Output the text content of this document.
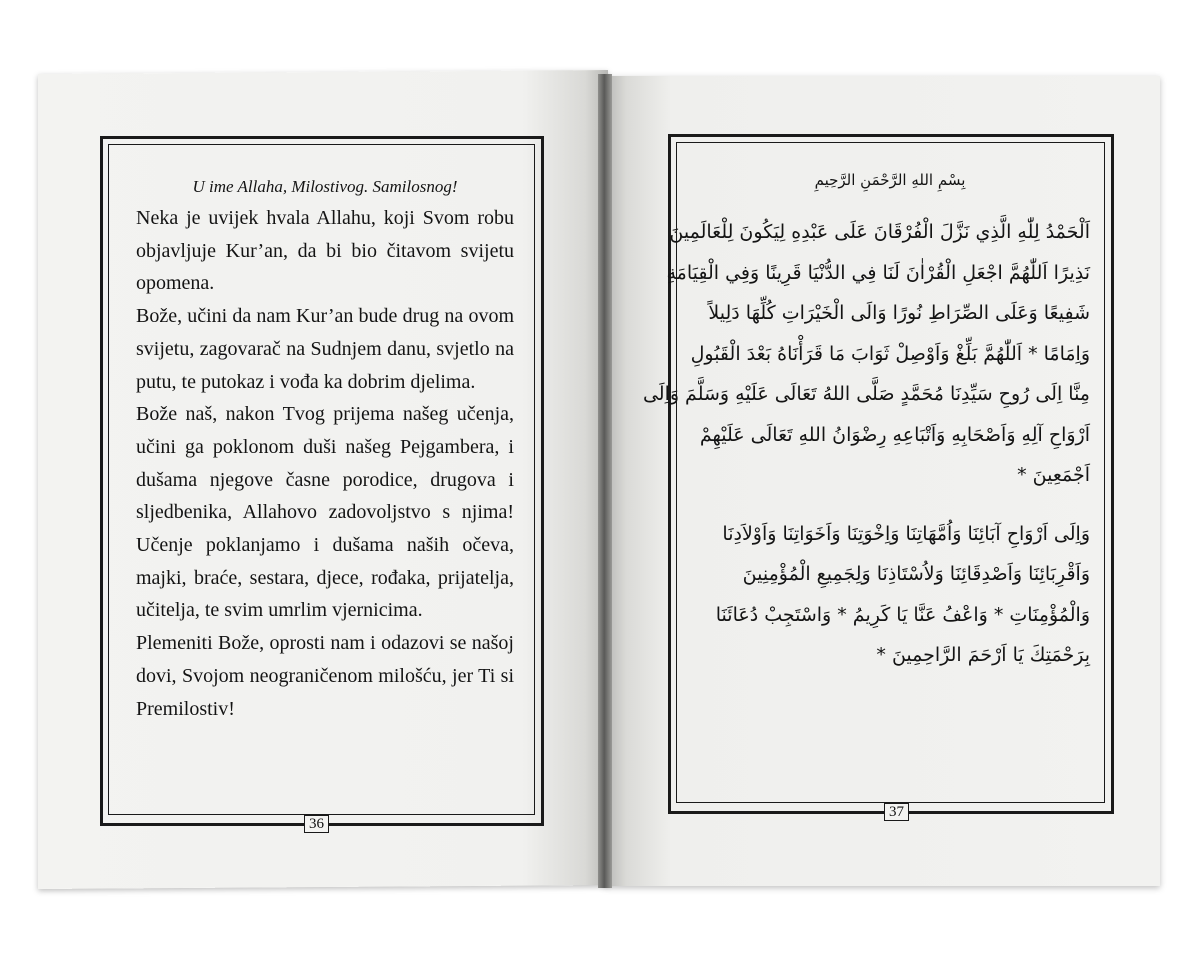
U ime Allaha, Milostivog. Samilosnog!

Neka je uvijek hvala Allahu, koji Svom robu objavljuje Kur’an, da bi bio čitavom svijetu opomena.

Bože, učini da nam Kur’an bude drug na ovom svijetu, zagovarač na Sudnjem danu, svjetlo na putu, te putokaz i vođa ka dobrim djelima.

Bože naš, nakon Tvog prijema našeg učenja, učini ga poklonom duši našeg Pejgambera, i dušama njegove časne porodice, drugova i sljedbenika, Allahovo zadovoljstvo s njima! Učenje poklanjamo i dušama naših očeva, majki, braće, sestara, djece, rođaka, prijatelja, učitelja, te svim umrlim vjernicima.

Plemeniti Bože, oprosti nam i odazovi se našoj dovi, Svojom neograničenom milošću, jer Ti si Premilostiv!

36
بِسْمِ اللهِ الرَّحْمَنِ الرَّحِيمِ
اَلْحَمْدُ لِلّٰهِ الَّذِي نَزَّلَ الْفُرْقَانَ عَلَى عَبْدِهِ لِيَكُونَ لِلْعَالَمِينَ
نَذِيرًا اَللّٰهُمَّ اجْعَلِ الْقُرْاٰنَ لَنَا فِي الدُّنْيَا قَرِينًا وَفِي الْقِيَامَةِ
شَفِيعًا وَعَلَى الصِّرَاطِ نُورًا وَالَى الْخَيْرَاتِ كُلِّهَا دَلِيلاً
وَاِمَامًا * اَللّٰهُمَّ بَلِّغْ وَاَوْصِلْ ثَوَابَ مَا قَرَأْنَاهُ بَعْدَ الْقَبُولِ
مِنَّا اِلَى رُوحِ سَيِّدِنَا مُحَمَّدٍ صَلَّى اللهُ تَعَالَى عَلَيْهِ وَسَلَّمَ وَاِلَى
اَرْوَاحِ آلِهِ وَاَصْحَابِهِ وَاَتْبَاعِهِ رِضْوَانُ اللهِ تَعَالَى عَلَيْهِمْ
اَجْمَعِينَ *
وَاِلَى اَرْوَاحِ آبَائِنَا وَاُمَّهَاتِنَا وَاِخْوَتِنَا وَاَخَوَاتِنَا وَاَوْلاَدِنَا
وَاَقْرِبَائِنَا وَاَصْدِقَائِنَا وَلاُسْتَاذِنَا وَلِجَمِيعِ الْمُؤْمِنِينَ
وَالْمُؤْمِنَاتِ * وَاعْفُ عَنَّا يَا كَرِيمُ * وَاسْتَجِبْ دُعَائَنَا
بِرَحْمَتِكَ يَا اَرْحَمَ الرَّاحِمِينَ *
37
